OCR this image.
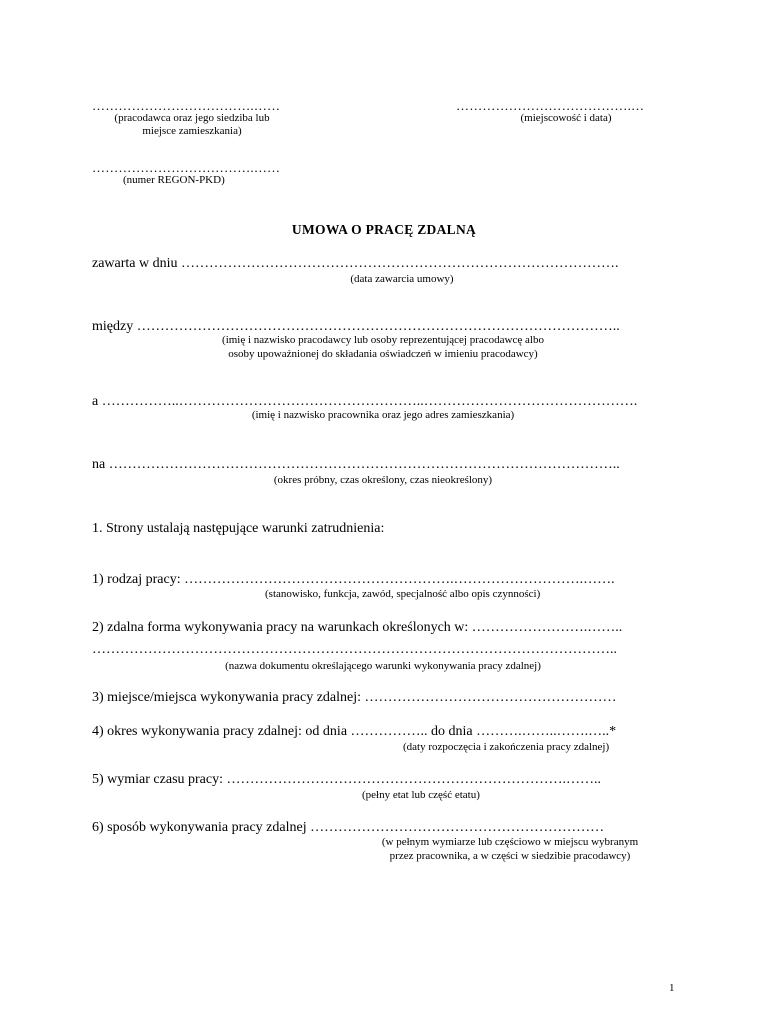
……………………………….……
(pracodawca oraz jego siedziba lub
miejsce zamieszkania)
………………………………….…
(miejscowość i data)
……………………………….……
(numer REGON-PKD)
UMOWA O PRACĘ ZDALNĄ
zawarta w dniu ………………………………………………………………………………….
(data zawarcia umowy)
między …………………………………………………………………………………………..
(imię i nazwisko pracodawcy lub osoby reprezentującej pracodawcę albo
osoby upoważnionej do składania oświadczeń w imieniu pracodawcy)
a ……………..……………………………………………..……………………………………….
(imię i nazwisko pracownika oraz jego adres zamieszkania)
na ………………………………………………………………………………………………..
(okres próbny, czas określony, czas nieokreślony)
1. Strony ustalają następujące warunki zatrudnienia:
1) rodzaj pracy: ………………………………………………….……………………….…….
(stanowisko, funkcja, zawód, specjalność albo opis czynności)
2) zdalna forma wykonywania pracy na warunkach określonych w: …………………….……..
…………………………………………………………………………………………………..
(nazwa dokumentu określającego warunki wykonywania pracy zdalnej)
3) miejsce/miejsca wykonywania pracy zdalnej: ………………………………………………
4) okres wykonywania pracy zdalnej: od dnia …………….. do dnia ……….……..…….…..*
(daty rozpoczęcia i zakończenia pracy zdalnej)
5) wymiar czasu pracy: ……………………………………………………………….……..
(pełny etat lub część etatu)
6) sposób wykonywania pracy zdalnej ………………………………………………………
(w pełnym wymiarze lub częściowo w miejscu wybranym
przez pracownika, a w części w siedzibie pracodawcy)
1
